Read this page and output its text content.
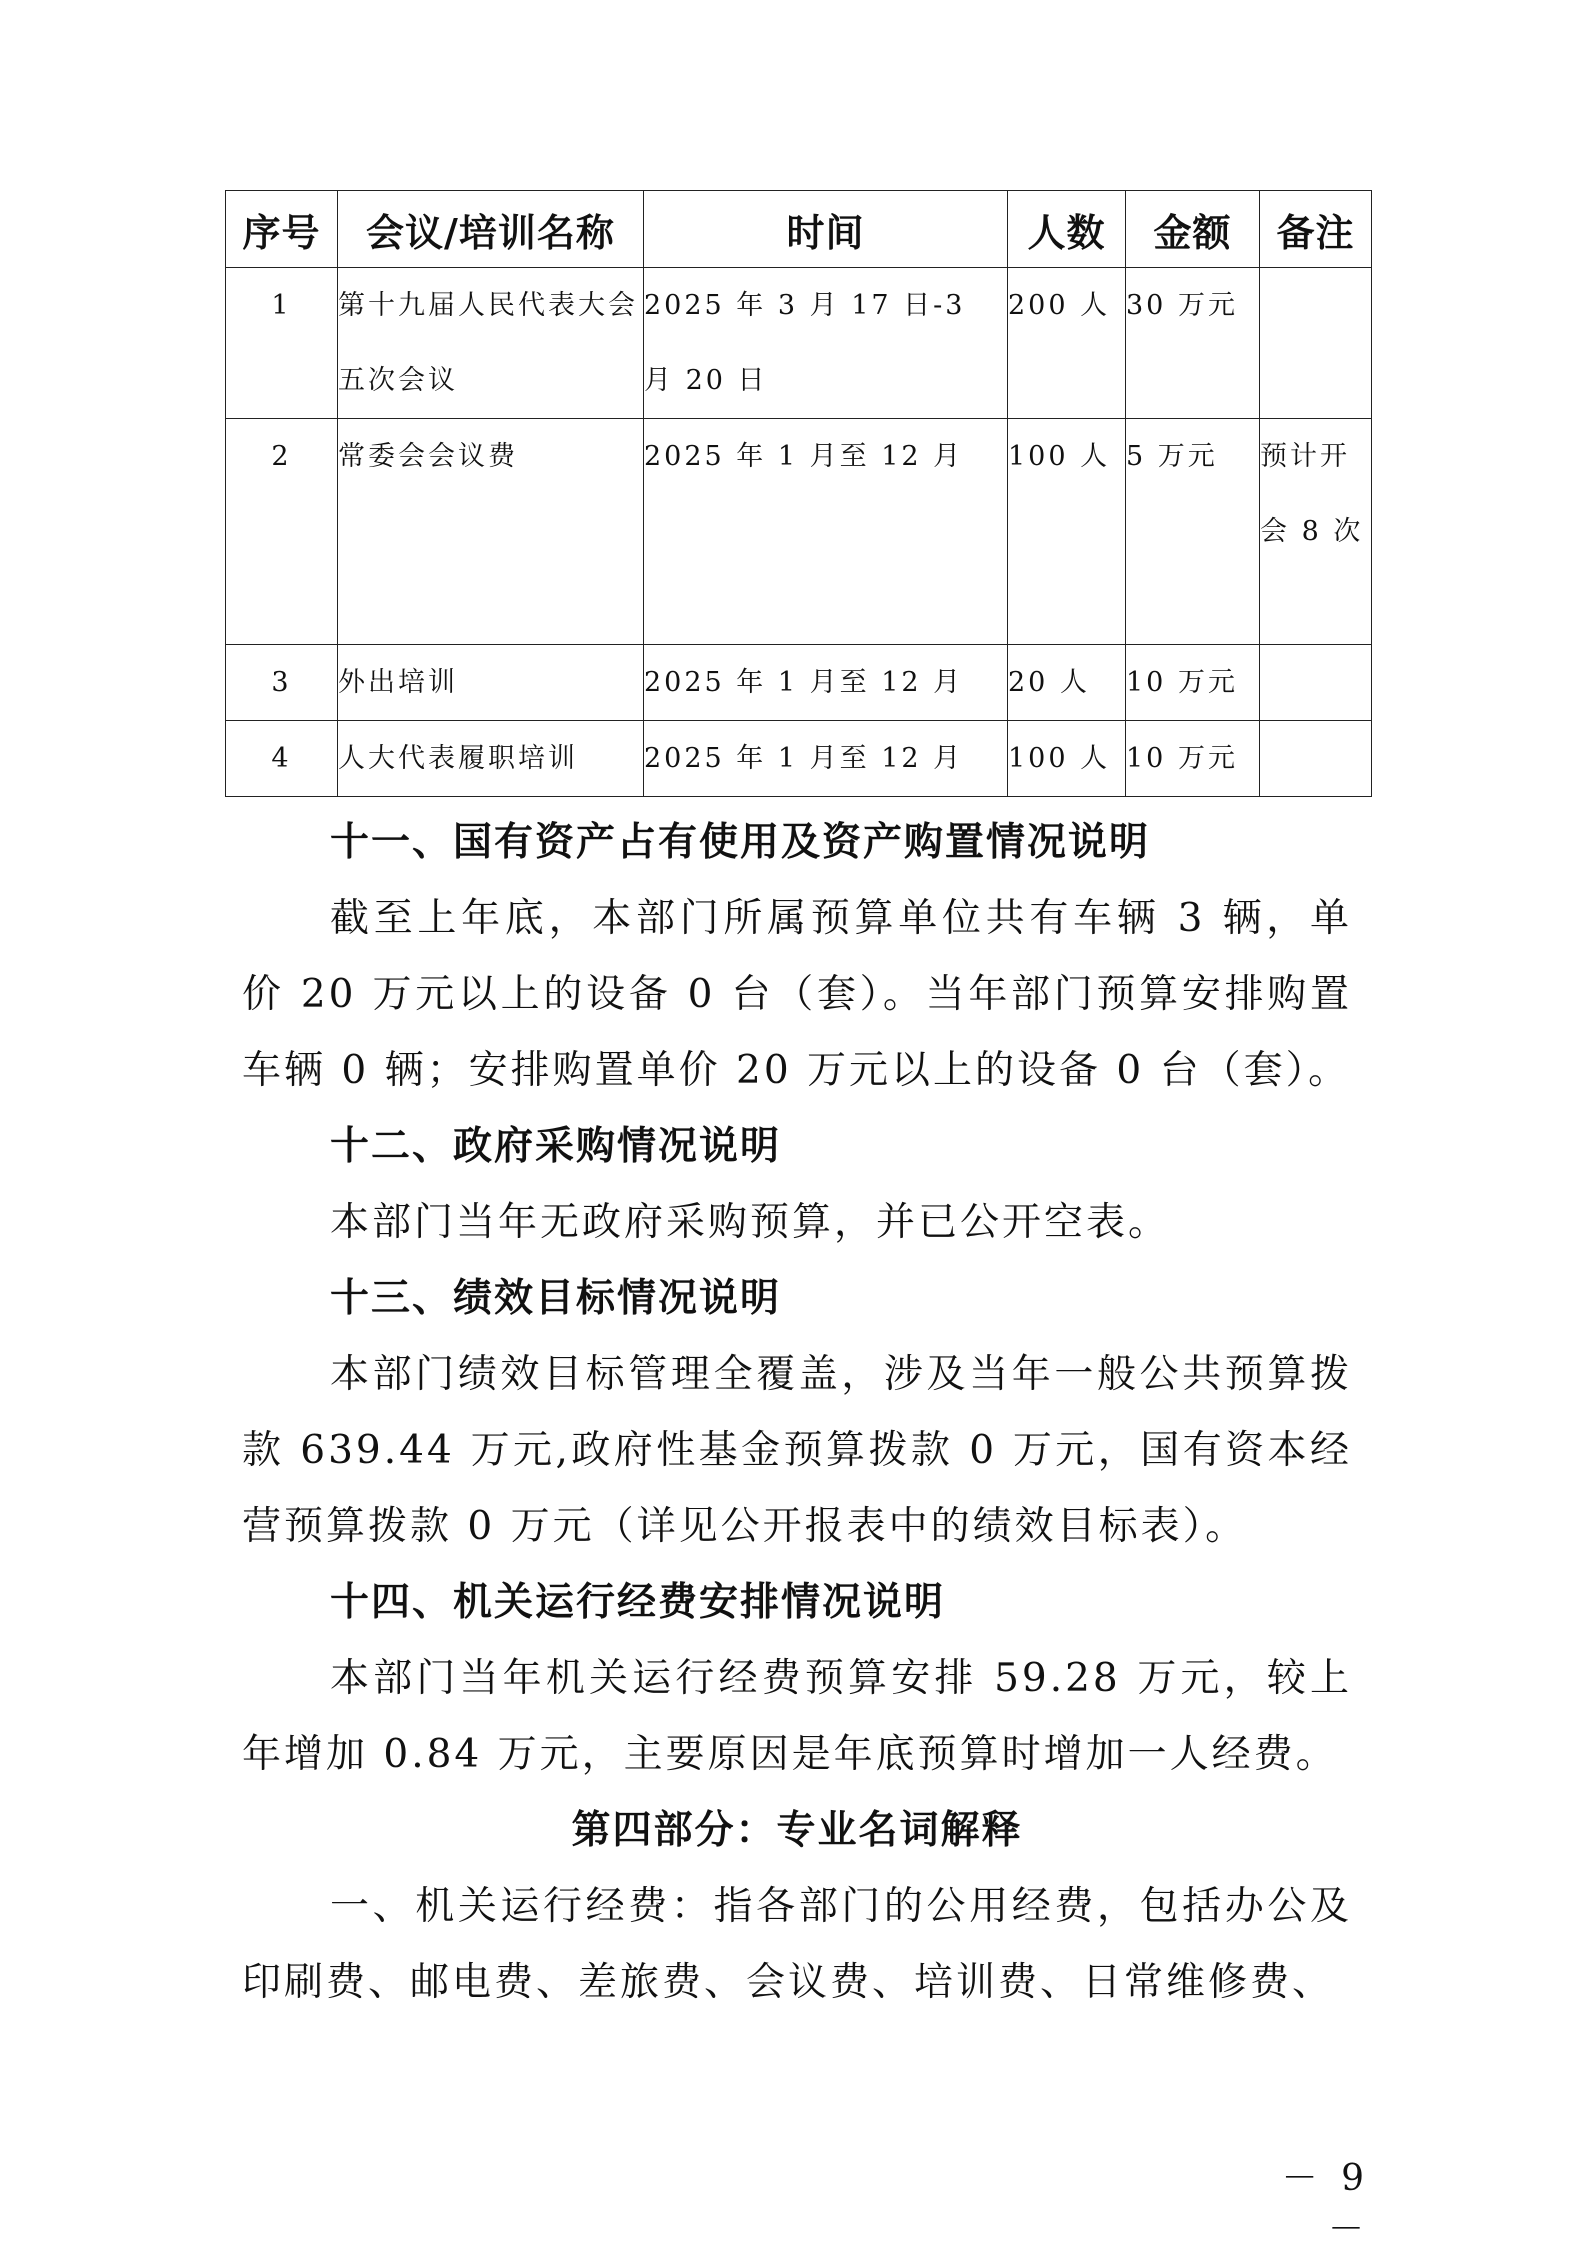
序号	会议/培训名称	时间	人数	金额	备注
1	第十九届人民代表大会五次会议	2025 年 3 月 17 日-3 月 20 日	200 人	30 万元	
2	常委会会议费	2025 年 1 月至 12 月	100 人	5 万元	预计开会 8 次
3	外出培训	2025 年 1 月至 12 月	20 人	10 万元	
4	人大代表履职培训	2025 年 1 月至 12 月	100 人	10 万元	

十一、国有资产占有使用及资产购置情况说明

截至上年底，本部门所属预算单位共有车辆 3 辆，单价 20 万元以上的设备 0 台（套）。当年部门预算安排购置车辆 0 辆；安排购置单价 20 万元以上的设备 0 台（套）。

十二、政府采购情况说明

本部门当年无政府采购预算，并已公开空表。

十三、绩效目标情况说明

本部门绩效目标管理全覆盖，涉及当年一般公共预算拨款 639.44 万元,政府性基金预算拨款 0 万元，国有资本经营预算拨款 0 万元（详见公开报表中的绩效目标表）。

十四、机关运行经费安排情况说明

本部门当年机关运行经费预算安排 59.28 万元，较上年增加 0.84 万元，主要原因是年底预算时增加一人经费。

第四部分：专业名词解释

一、机关运行经费：指各部门的公用经费，包括办公及印刷费、邮电费、差旅费、会议费、培训费、日常维修费、

－ 9 －
